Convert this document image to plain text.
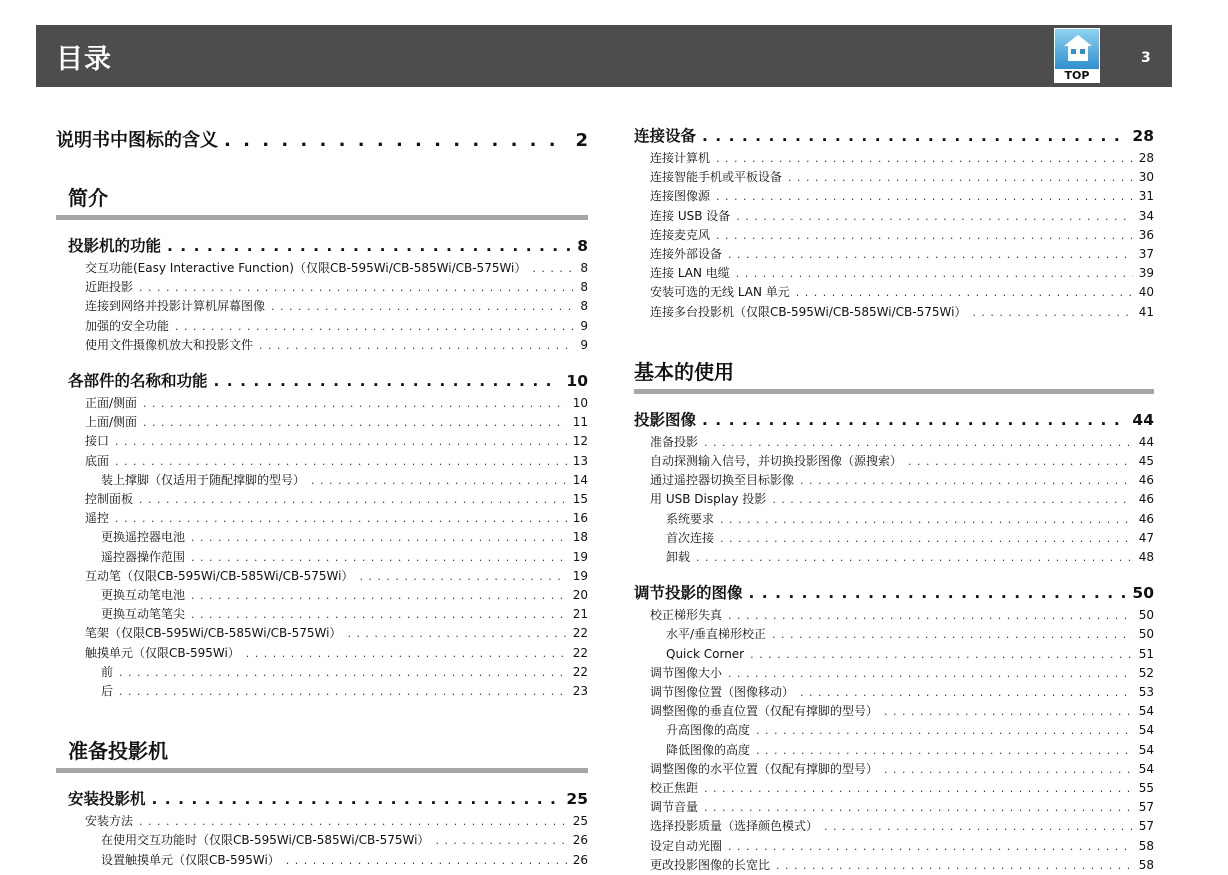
目录
TOP
3
说明书中图标的含义 . . .	2
简介
投影机的功能 . . .	8
交互功能(Easy Interactive Function)（仅限CB-595Wi/CB-585Wi/CB-575Wi） . . .	8
近距投影 . . .	8
连接到网络并投影计算机屏幕图像 . . .	8
加强的安全功能 . . .	9
使用文件摄像机放大和投影文件 . . .	9
各部件的名称和功能 . . .	10
正面/侧面 . . .	10
上面/侧面 . . .	11
接口 . . .	12
底面 . . .	13
装上撑脚（仅适用于随配撑脚的型号） . . .	14
控制面板 . . .	15
遥控 . . .	16
更换遥控器电池 . . .	18
遥控器操作范围 . . .	19
互动笔（仅限CB-595Wi/CB-585Wi/CB-575Wi） . . .	19
更换互动笔电池 . . .	20
更换互动笔笔尖 . . .	21
笔架（仅限CB-595Wi/CB-585Wi/CB-575Wi） . . .	22
触摸单元（仅限CB-595Wi） . . .	22
前 . . .	22
后 . . .	23
准备投影机
安装投影机 . . .	25
安装方法 . . .	25
在使用交互功能时（仅限CB-595Wi/CB-585Wi/CB-575Wi） . . .	26
设置触摸单元（仅限CB-595Wi） . . .	26
连接设备 . . .	28
连接计算机 . . .	28
连接智能手机或平板设备 . . .	30
连接图像源 . . .	31
连接 USB 设备 . . .	34
连接麦克风 . . .	36
连接外部设备 . . .	37
连接 LAN 电缆 . . .	39
安装可选的无线 LAN 单元 . . .	40
连接多台投影机（仅限CB-595Wi/CB-585Wi/CB-575Wi） . . .	41
基本的使用
投影图像 . . .	44
准备投影 . . .	44
自动探测输入信号，并切换投影图像（源搜索） . . .	45
通过遥控器切换至目标影像 . . .	46
用 USB Display 投影 . . .	46
系统要求 . . .	46
首次连接 . . .	47
卸载 . . .	48
调节投影的图像 . . .	50
校正梯形失真 . . .	50
水平/垂直梯形校正 . . .	50
Quick Corner . . .	51
调节图像大小 . . .	52
调节图像位置（图像移动） . . .	53
调整图像的垂直位置（仅配有撑脚的型号） . . .	54
升高图像的高度 . . .	54
降低图像的高度 . . .	54
调整图像的水平位置（仅配有撑脚的型号） . . .	54
校正焦距 . . .	55
调节音量 . . .	57
选择投影质量（选择颜色模式） . . .	57
设定自动光圈 . . .	58
更改投影图像的长宽比 . . .	58
